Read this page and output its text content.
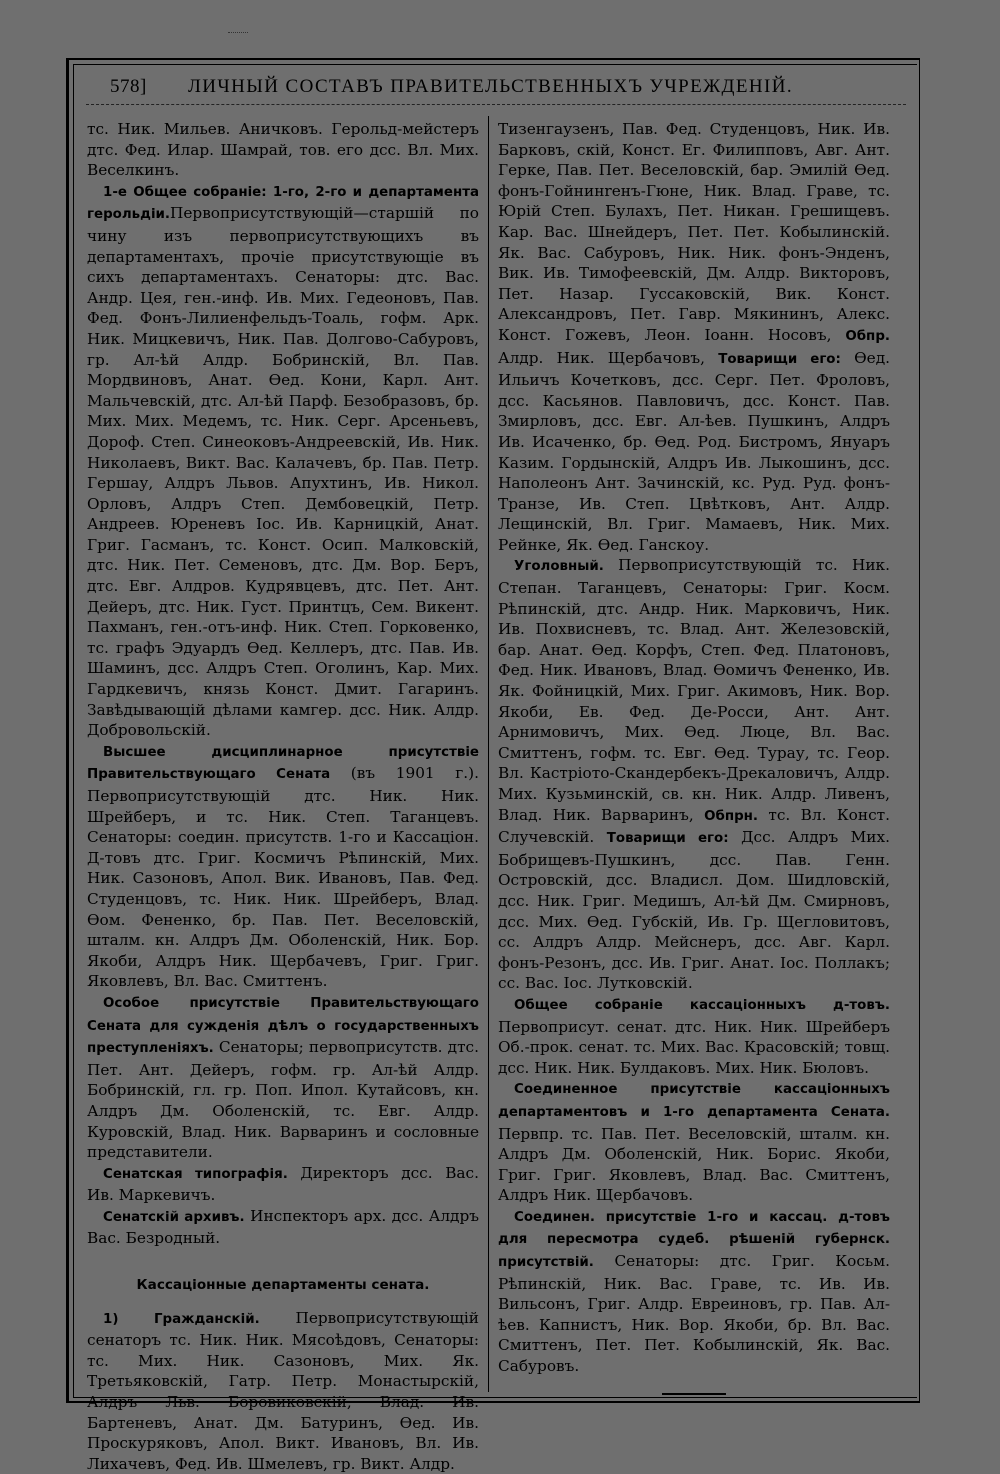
578] ЛИЧНЫЙ СОСТАВЪ ПРАВИТЕЛЬСТВЕННЫХЪ УЧРЕЖДЕНІЙ.

тс. Ник. Мильев. Аничковъ. Герольд-мейстеръ дтс. Фед. Илар. Шамрай, тов. его дсс. Вл. Мих. Веселкинъ.

1-е Общее собраніе: 1-го, 2-го и департамента герольдіи.Первоприсутствующій—старшій по чину изъ первоприсутствующихъ въ департаментахъ, прочіе присутствующіе въ сихъ департаментахъ. Сенаторы: дтс. Вас. Андр. Цея, ген.-инф. Ив. Мих. Гедеоновъ, Пав. Фед. Фонъ-Лилиенфельдъ-Тоаль, гофм. Арк. Ник. Мицкевичъ, Ник. Пав. Долгово-Сабуровъ, гр. Ал-ѣй Алдр. Бобринскій, Вл. Пав. Мордвиновъ, Анат. Ѳед. Кони, Карл. Ант. Мальчевскій, дтс. Ал-ѣй Парф. Безобразовъ, бр. Мих. Мих. Медемъ, тс. Ник. Серг. Арсеньевъ, Дороф. Степ. Синеоковъ-Андреевскій, Ив. Ник. Николаевъ, Викт. Вас. Калачевъ, бр. Пав. Петр. Гершау, Алдръ Львов. Апухтинъ, Ив. Никол. Орловъ, Алдръ Степ. Дембовецкій, Петр. Андреев. Юреневъ Іос. Ив. Карницкій, Анат. Григ. Гасманъ, тс. Конст. Осип. Малковскій, дтс. Ник. Пет. Семеновъ, дтс. Дм. Вор. Беръ, дтс. Евг. Алдров. Кудрявцевъ, дтс. Пет. Ант. Дейеръ, дтс. Ник. Густ. Принтцъ, Сем. Викент. Пахманъ, ген.-отъ-инф. Ник. Степ. Горковенко, тс. графъ Эдуардъ Ѳед. Келлеръ, дтс. Пав. Ив. Шаминъ, дсс. Алдръ Степ. Оголинъ, Кар. Мих. Гардкевичъ, князь Конст. Дмит. Гагаринъ. Завѣдывающій дѣлами камгер. дсс. Ник. Алдр. Добровольскій.

Высшее дисциплинарное присутствіе Правительствующаго Сената (въ 1901 г.). Первоприсутствующій дтс. Ник. Ник. Шрейберъ, и тс. Ник. Степ. Таганцевъ. Сенаторы: соедин. присутств. 1-го и Кассаціон. Д-товъ дтс. Григ. Космичъ Рѣпинскій, Мих. Ник. Сазоновъ, Апол. Вик. Ивановъ, Пав. Фед. Студенцовъ, тс. Ник. Ник. Шрейберъ, Влад. Ѳом. Фененко, бр. Пав. Пет. Веселовскій, шталм. кн. Алдръ Дм. Оболенскій, Ник. Бор. Якоби, Алдръ Ник. Щербачевъ, Григ. Григ. Яковлевъ, Вл. Вас. Смиттенъ.

Особое присутствіе Правительствующаго Сената для сужденія дѣлъ о государственныхъ преступленіяхъ. Сенаторы; первоприсутств. дтс. Пет. Ант. Дейеръ, гофм. гр. Ал-ѣй Алдр. Бобринскій, гл. гр. Поп. Ипол. Кутайсовъ, кн. Алдръ Дм. Оболенскій, тс. Евг. Алдр. Куровскій, Влад. Ник. Варваринъ и сословные представители.

Сенатская типографія. Директоръ дсс. Вас. Ив. Маркевичъ.

Сенатскій архивъ. Инспекторъ арх. дсс. Алдръ Вас. Безродный.

Кассаціонные департаменты сената.

1) Гражданскій. Первоприсутствующій сенаторъ тс. Ник. Ник. Мясоѣдовъ, Сенаторы: тс. Мих. Ник. Сазоновъ, Мих. Як. Третьяковскій, Гатр. Петр. Монастырскій, Алдръ Льв. Боровиковскій, Влад. Ив. Бартеневъ, Анат. Дм. Батуринъ, Ѳед. Ив. Проскуряковъ, Апол. Викт. Ивановъ, Вл. Ив. Лихачевъ, Фед. Ив. Шмелевъ, гр. Викт. Алдр.

Тизенгаузенъ, Пав. Фед. Студенцовъ, Ник. Ив. Барковъ, скій, Конст. Ег. Филипповъ, Авг. Ант. Герке, Пав. Пет. Веселовскій, бар. Эмилій Ѳед. фонъ-Гойнинrенъ-Гюне, Ник. Влад. Граве, тс. Юрій Степ. Булахъ, Пет. Никан. Грешищевъ. Кар. Вас. Шнейдеръ, Пет. Пет. Кобылинскій. Як. Вас. Сабуровъ, Ник. Ник. фонъ-Энденъ, Вик. Ив. Тимофеевскій, Дм. Алдр. Викторовъ, Пет. Назар. Гуссаковскій, Вик. Конст. Александровъ, Пет. Гавр. Мякининъ, Алекс. Конст. Гожевъ, Леон. Іоанн. Носовъ, Обпр. Алдр. Ник. Щербачовъ, Товарищи его: Ѳед. Ильичъ Кочетковъ, дсс. Серг. Пет. Фроловъ, дсс. Касьянов. Павловичъ, дсс. Конст. Пав. Змирловъ, дсс. Евг. Ал-ѣев. Пушкинъ, Алдръ Ив. Исаченко, бр. Ѳед. Род. Бистромъ, Януаръ Казим. Гордынскій, Алдръ Ив. Лыкошинъ, дсс. Наполеонъ Ант. Зачинскій, кс. Руд. Руд. фонъ-Транзе, Ив. Степ. Цвѣтковъ, Ант. Алдр. Лещинскій, Вл. Григ. Мамаевъ, Ник. Мих. Рейнке, Як. Ѳед. Ганскоу.

Уголовный. Первоприсутствующій тс. Ник. Степан. Таганцевъ, Сенаторы: Григ. Косм. Рѣпинскій, дтс. Андр. Ник. Марковичъ, Ник. Ив. Похвисневъ, тс. Влад. Ант. Железовскій, бар. Анат. Ѳед. Корфъ, Степ. Фед. Платоновъ, Фед. Ник. Ивановъ, Влад. Ѳомичъ Фененко, Ив. Як. Фойницкій, Мих. Григ. Акимовъ, Ник. Вор. Якоби, Ев. Фед. Де-Росси, Ант. Ант. Арнимовичъ, Мих. Ѳед. Люце, Вл. Вас. Смиттенъ, гофм. тс. Евг. Ѳед. Турау, тс. Геор. Вл. Кастріото-Скандербекъ-Дрекаловичъ, Алдр. Мих. Кузьминскій, св. кн. Ник. Алдр. Ливенъ, Влад. Ник. Варваринъ, Обпрн. тс. Вл. Конст. Случевскій. Товарищи его: Дсс. Алдръ Мих. Бобрищевъ-Пушкинъ, дсс. Пав. Генн. Островскій, дсс. Владисл. Дом. Шидловскій, дсс. Ник. Григ. Медишъ, Ал-ѣй Дм. Смирновъ, дсс. Мих. Ѳед. Губскій, Ив. Гр. Щегловитовъ, сс. Алдръ Алдр. Мейснеръ, дсс. Авг. Карл. фонъ-Резонъ, дсс. Ив. Григ. Анат. Іос. Поллакъ; сс. Вас. Іос. Лутковскій.

Общее собраніе кассаціонныхъ д-товъ. Первоприсут. сенат. дтс. Ник. Ник. Шрейберъ Об.-прок. сенат. тс. Мих. Вас. Красовскій; товщ. дсс. Ник. Ник. Булдаковъ. Мих. Ник. Бюловъ.

Соединенное присутствіе кассаціонныхъ департаментовъ и 1-го департамента Сената. Первпр. тс. Пав. Пет. Веселовскій, шталм. кн. Алдръ Дм. Оболенскій, Ник. Борис. Якоби, Григ. Григ. Яковлевъ, Влад. Вас. Смиттенъ, Алдръ Ник. Щербачовъ.

Соединен. присутствіе 1-го и кассац. д-товъ для пересмотра судеб. рѣшеній губернск. присутствій. Сенаторы: дтс. Григ. Косьм. Рѣпинскій, Ник. Вас. Граве, тс. Ив. Ив. Вильсонъ, Григ. Алдр. Евреиновъ, гр. Пав. Ал-ѣев. Капнистъ, Ник. Вор. Якоби, бр. Вл. Вас. Смиттенъ, Пет. Пет. Кобылинскій, Як. Вас. Сабуровъ.
